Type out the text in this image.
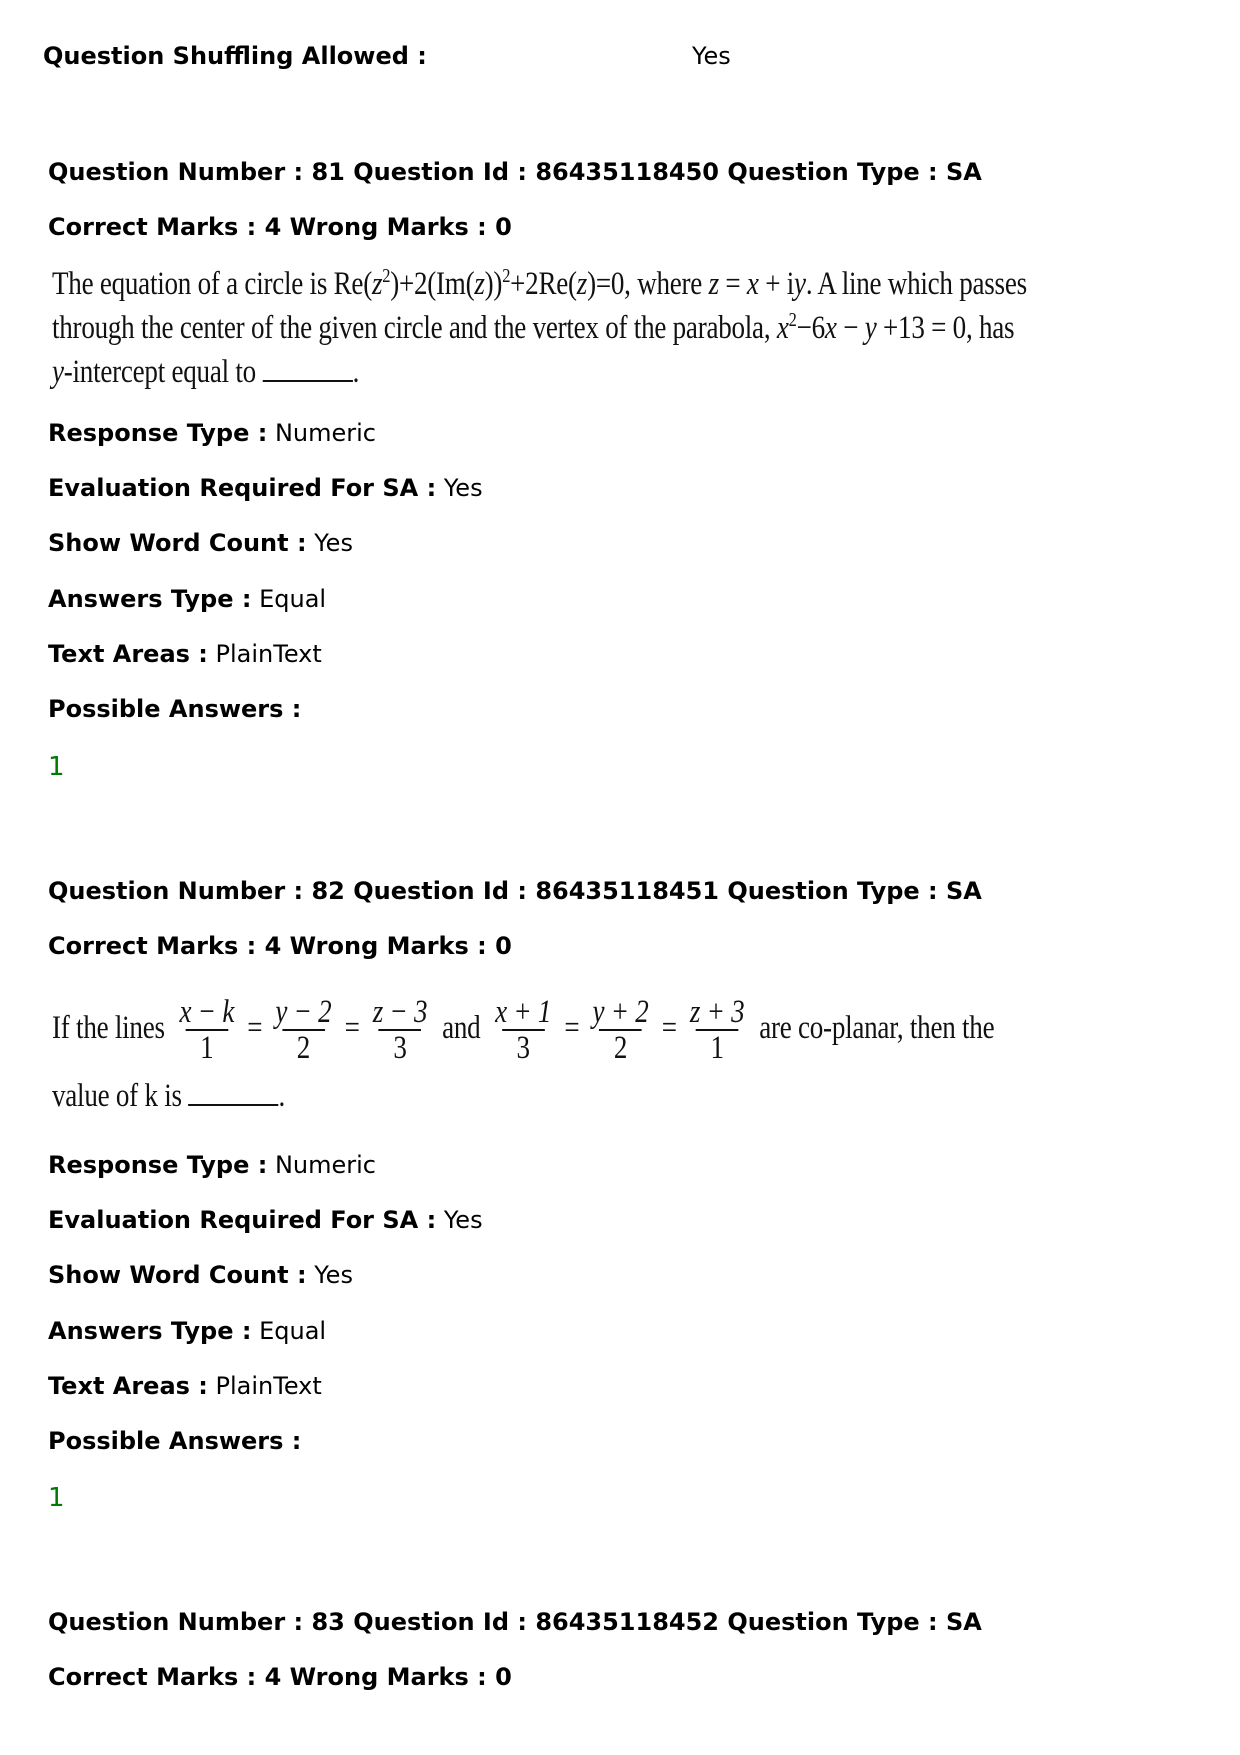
Question Shuffling Allowed :	Yes
Question Number : 81 Question Id : 86435118450 Question Type : SA
Correct Marks : 4 Wrong Marks : 0
The equation of a circle is $Re(z^2)+2(Im(z))^2+2Re(z)=0$, where z = x + iy. A line which passes
through the center of the given circle and the vertex of the parabola, $x^2-6x - y +13 = 0$, has
y-intercept equal to	.
Response Type : Numeric
Evaluation Required For SA : Yes
Show Word Count : Yes
Answers Type : Equal
Text Areas : PlainText
Possible Answers :
1
Question Number : 82 Question Id : 86435118451 Question Type : SA
Correct Marks : 4 Wrong Marks : 0
If the lines $\frac{x - k}{1} = \frac{y - 2}{2} = \frac{z - 3}{3}$ and $\frac{x + 1}{3} = \frac{y + 2}{2} = \frac{z + 3}{1}$ are co-planar, then the
value of k is	.
Response Type : Numeric
Evaluation Required For SA : Yes
Show Word Count : Yes
Answers Type : Equal
Text Areas : PlainText
Possible Answers :
1
Question Number : 83 Question Id : 86435118452 Question Type : SA
Correct Marks : 4 Wrong Marks : 0
